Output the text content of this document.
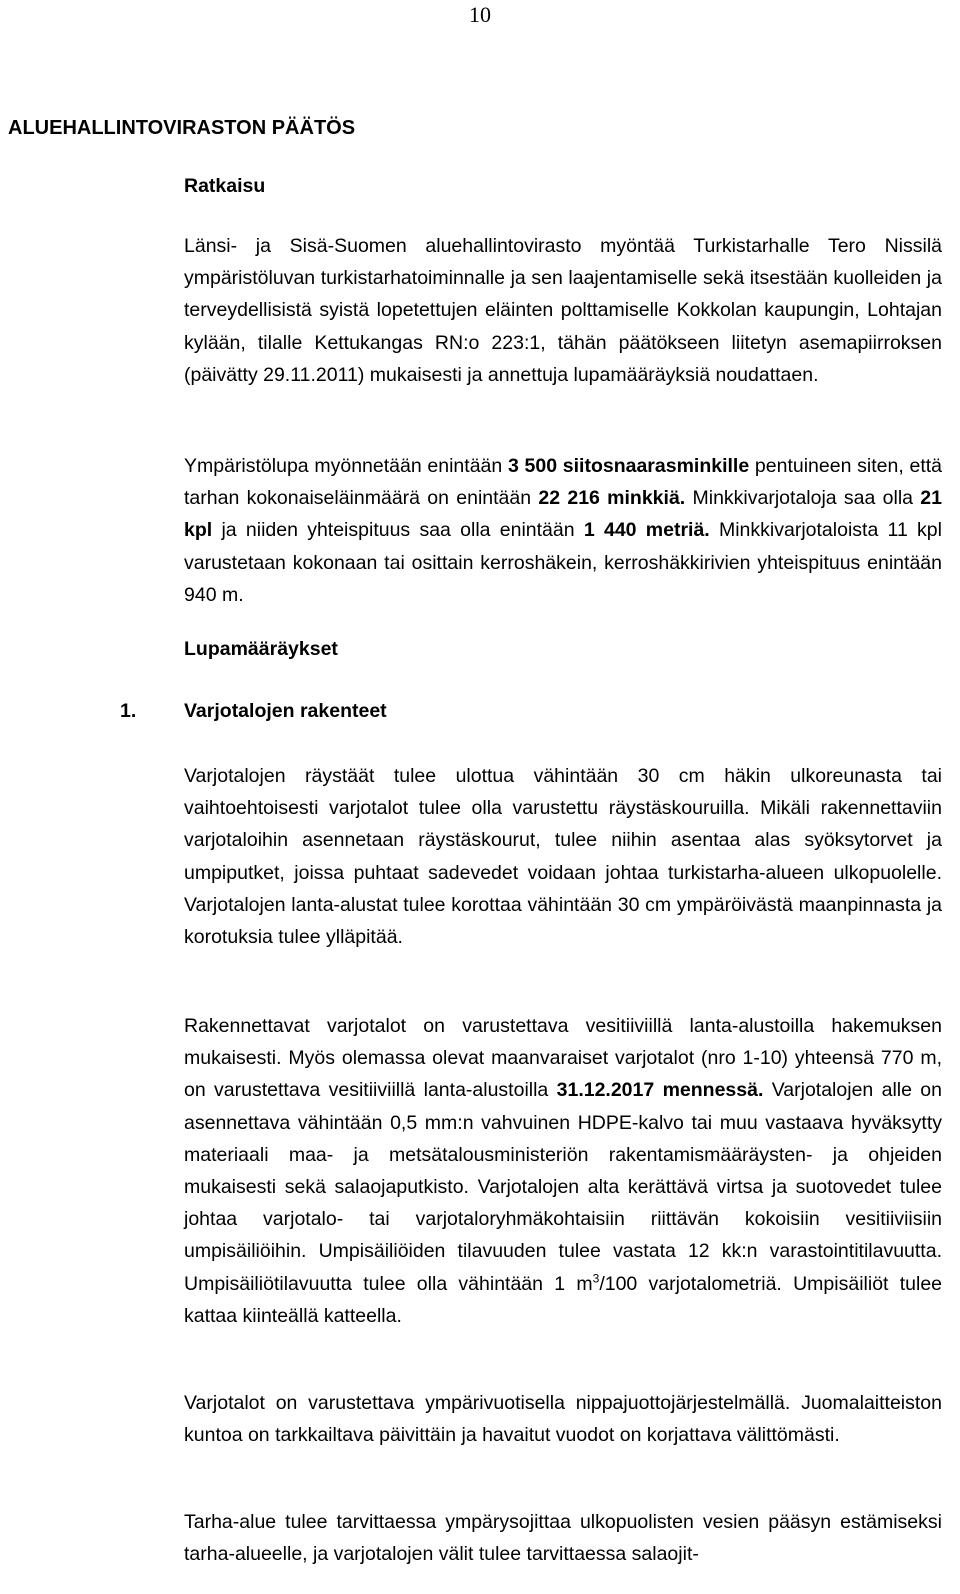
10
ALUEHALLINTOVIRASTON PÄÄTÖS
Ratkaisu

Länsi- ja Sisä-Suomen aluehallintovirasto myöntää Turkistarhalle Tero Nissilä ympäristöluvan turkistarhatoiminnalle ja sen laajentamiselle sekä itsestään kuolleiden ja terveydellisistä syistä lopetettujen eläinten polttamiselle Kokkolan kaupungin, Lohtajan kylään, tilalle Kettukangas RN:o 223:1, tähän päätökseen liitetyn asemapiirroksen (päivätty 29.11.2011) mukaisesti ja annettuja lupamääräyksiä noudattaen.

Ympäristölupa myönnetään enintään 3 500 siitosnaarasminkille pentuineen siten, että tarhan kokonaiseläinmäärä on enintään 22 216 minkkiä. Minkkivarjotaloja saa olla 21 kpl ja niiden yhteispituus saa olla enintään 1 440 metriä. Minkkivarjotaloista 11 kpl varustetaan kokonaan tai osittain kerroshäkein, kerroshäkkirivien yhteispituus enintään 940 m.

Lupamääräykset
1. Varjotalojen rakenteet

Varjotalojen räystäät tulee ulottua vähintään 30 cm häkin ulkoreunasta tai vaihtoehtoisesti varjotalot tulee olla varustettu räystäskouruilla. Mikäli rakennettaviin varjotaloihin asennetaan räystäskourut, tulee niihin asentaa alas syöksytorvet ja umpiputket, joissa puhtaat sadevedet voidaan johtaa turkistarha-alueen ulkopuolelle. Varjotalojen lanta-alustat tulee korottaa vähintään 30 cm ympäröivästä maanpinnasta ja korotuksia tulee ylläpitää.

Rakennettavat varjotalot on varustettava vesitiiviillä lanta-alustoilla hakemuksen mukaisesti. Myös olemassa olevat maanvaraiset varjotalot (nro 1-10) yhteensä 770 m, on varustettava vesitiiviillä lanta-alustoilla 31.12.2017 mennessä. Varjotalojen alle on asennettava vähintään 0,5 mm:n vahvuinen HDPE-kalvo tai muu vastaava hyväksytty materiaali maa- ja metsätalousministeriön rakentamismääräysten- ja ohjeiden mukaisesti sekä salaojaputkisto. Varjotalojen alta kerättävä virtsa ja suotovedet tulee johtaa varjotalo- tai varjotaloryhmäkohtaisiin riittävän kokoisiin vesitiiviisiin umpisäiliöihin. Umpisäiliöiden tilavuuden tulee vastata 12 kk:n varastointitilavuutta. Umpisäiliötilavuutta tulee olla vähintään 1 $m^3/100$ varjotalometriä. Umpisäiliöt tulee kattaa kiinteällä katteella.

Varjotalot on varustettava ympärivuotisella nippajuottojärjestelmällä. Juomalaitteiston kuntoa on tarkkailtava päivittäin ja havaitut vuodot on korjattava välittömästi.

Tarha-alue tulee tarvittaessa ympärysojittaa ulkopuolisten vesien pääsyn estämiseksi tarha-alueelle, ja varjotalojen välit tulee tarvittaessa salaojit-
